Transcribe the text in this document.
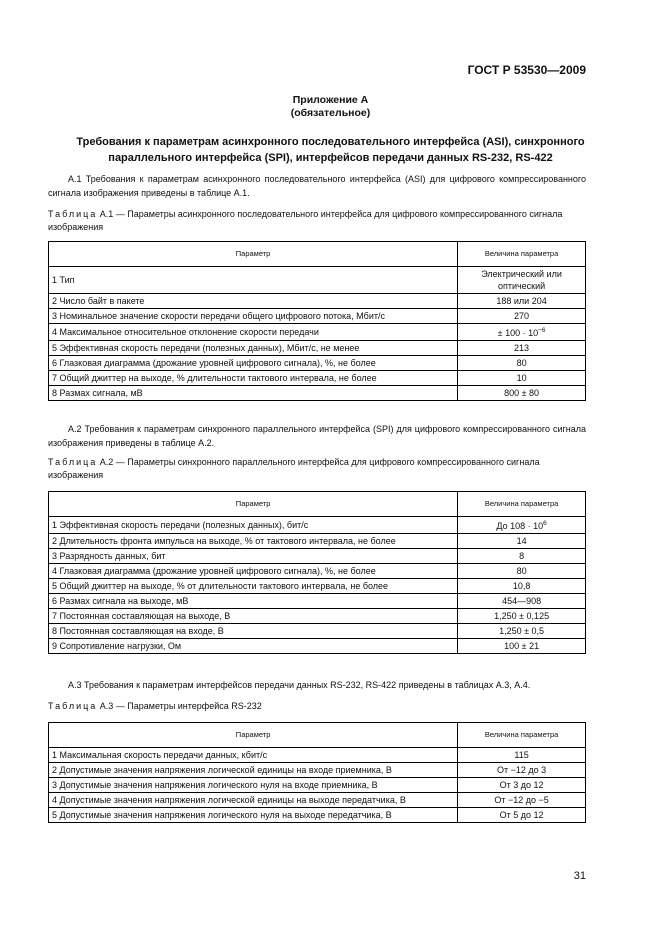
ГОСТ Р 53530—2009
Приложение А
(обязательное)
Требования к параметрам асинхронного последовательного интерфейса (ASI), синхронного параллельного интерфейса (SPI), интерфейсов передачи данных RS-232, RS-422
А.1 Требования к параметрам асинхронного последовательного интерфейса (ASI) для цифрового компрессированного сигнала изображения приведены в таблице А.1.
Таблица А.1 — Параметры асинхронного последовательного интерфейса для цифрового компрессированного сигнала изображения
Параметр	Величина параметра
1 Тип	Электрический или оптический
2 Число байт в пакете	188 или 204
3 Номинальное значение скорости передачи общего цифрового потока, Мбит/с	270
4 Максимальное относительное отклонение скорости передачи	± $100 \cdot 10^{-6}$
5 Эффективная скорость передачи (полезных данных), Мбит/с, не менее	213
6 Глазковая диаграмма (дрожание уровней цифрового сигнала), %, не более	80
7 Общий джиттер на выходе, % длительности тактового интервала, не более	10
8 Размах сигнала, мВ	800 ± 80
А.2 Требования к параметрам синхронного параллельного интерфейса (SPI) для цифрового компрессированного сигнала изображения приведены в таблице А.2.
Таблица А.2 — Параметры синхронного параллельного интерфейса для цифрового компрессированного сигнала изображения
Параметр	Величина параметра
1 Эффективная скорость передачи (полезных данных), бит/с	До $108 \cdot 10^6$
2 Длительность фронта импульса на выходе, % от тактового интервала, не более	14
3 Разрядность данных, бит	8
4 Глазковая диаграмма (дрожание уровней цифрового сигнала), %, не более	80
5 Общий джиттер на выходе, % от длительности тактового интервала, не более	10,8
6 Размах сигнала на выходе, мВ	454—908
7 Постоянная составляющая на выходе, В	1,250 ± 0,125
8 Постоянная составляющая на входе, В	1,250 ± 0,5
9 Сопротивление нагрузки, Ом	100 ± 21
А.3 Требования к параметрам интерфейсов передачи данных RS-232, RS-422 приведены в таблицах А.3, А.4.
Таблица А.3 — Параметры интерфейса RS-232
Параметр	Величина параметра
1 Максимальная скорость передачи данных, кбит/с	115
2 Допустимые значения напряжения логической единицы на входе приемника, В	От −12 до 3
3 Допустимые значения напряжения логического нуля на входе приемника, В	От 3 до 12
4 Допустимые значения напряжения логической единицы на выходе передатчика, В	От −12 до −5
5 Допустимые значения напряжения логического нуля на выходе передатчика, В	От 5 до 12
31
